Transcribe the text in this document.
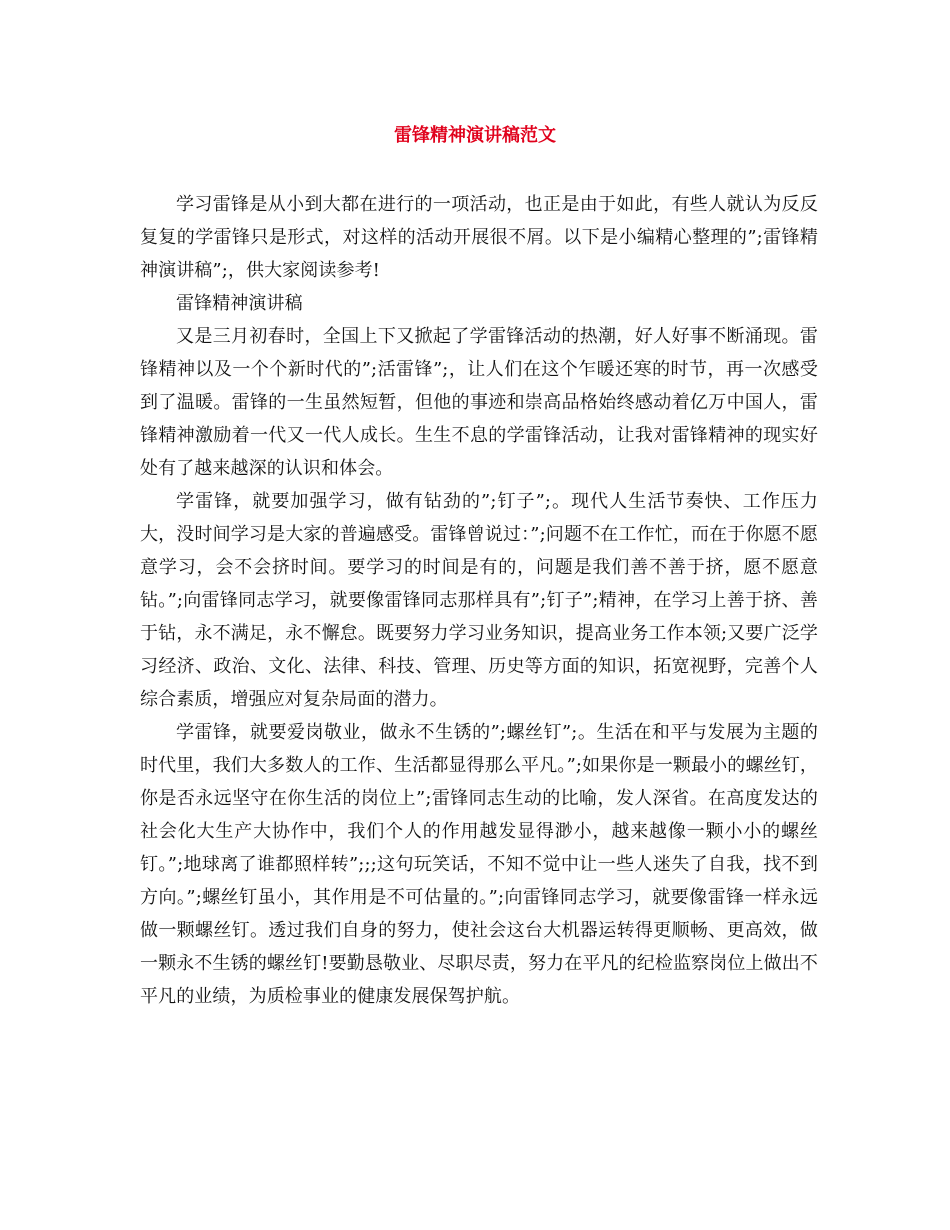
雷锋精神演讲稿范文

学习雷锋是从小到大都在进行的一项活动，也正是由于如此，有些人就认为反反复复的学雷锋只是形式，对这样的活动开展很不屑。以下是小编精心整理的”;雷锋精神演讲稿”;，供大家阅读参考!

雷锋精神演讲稿

又是三月初春时，全国上下又掀起了学雷锋活动的热潮，好人好事不断涌现。雷锋精神以及一个个新时代的”;活雷锋”;，让人们在这个乍暖还寒的时节，再一次感受到了温暖。雷锋的一生虽然短暂，但他的事迹和崇高品格始终感动着亿万中国人，雷锋精神激励着一代又一代人成长。生生不息的学雷锋活动，让我对雷锋精神的现实好处有了越来越深的认识和体会。

学雷锋，就要加强学习，做有钻劲的”;钉子”;。现代人生活节奏快、工作压力大，没时间学习是大家的普遍感受。雷锋曾说过：”;问题不在工作忙，而在于你愿不愿意学习，会不会挤时间。要学习的时间是有的，问题是我们善不善于挤，愿不愿意钻。”;向雷锋同志学习，就要像雷锋同志那样具有”;钉子”;精神，在学习上善于挤、善于钻，永不满足，永不懈怠。既要努力学习业务知识，提高业务工作本领;又要广泛学习经济、政治、文化、法律、科技、管理、历史等方面的知识，拓宽视野，完善个人综合素质，增强应对复杂局面的潜力。

学雷锋，就要爱岗敬业，做永不生锈的”;螺丝钉”;。生活在和平与发展为主题的时代里，我们大多数人的工作、生活都显得那么平凡。”;如果你是一颗最小的螺丝钉，你是否永远坚守在你生活的岗位上”;雷锋同志生动的比喻，发人深省。在高度发达的社会化大生产大协作中，我们个人的作用越发显得渺小，越来越像一颗小小的螺丝钉。”;地球离了谁都照样转”;;;这句玩笑话，不知不觉中让一些人迷失了自我，找不到方向。”;螺丝钉虽小，其作用是不可估量的。”;向雷锋同志学习，就要像雷锋一样永远做一颗螺丝钉。透过我们自身的努力，使社会这台大机器运转得更顺畅、更高效，做一颗永不生锈的螺丝钉!要勤恳敬业、尽职尽责，努力在平凡的纪检监察岗位上做出不平凡的业绩，为质检事业的健康发展保驾护航。
